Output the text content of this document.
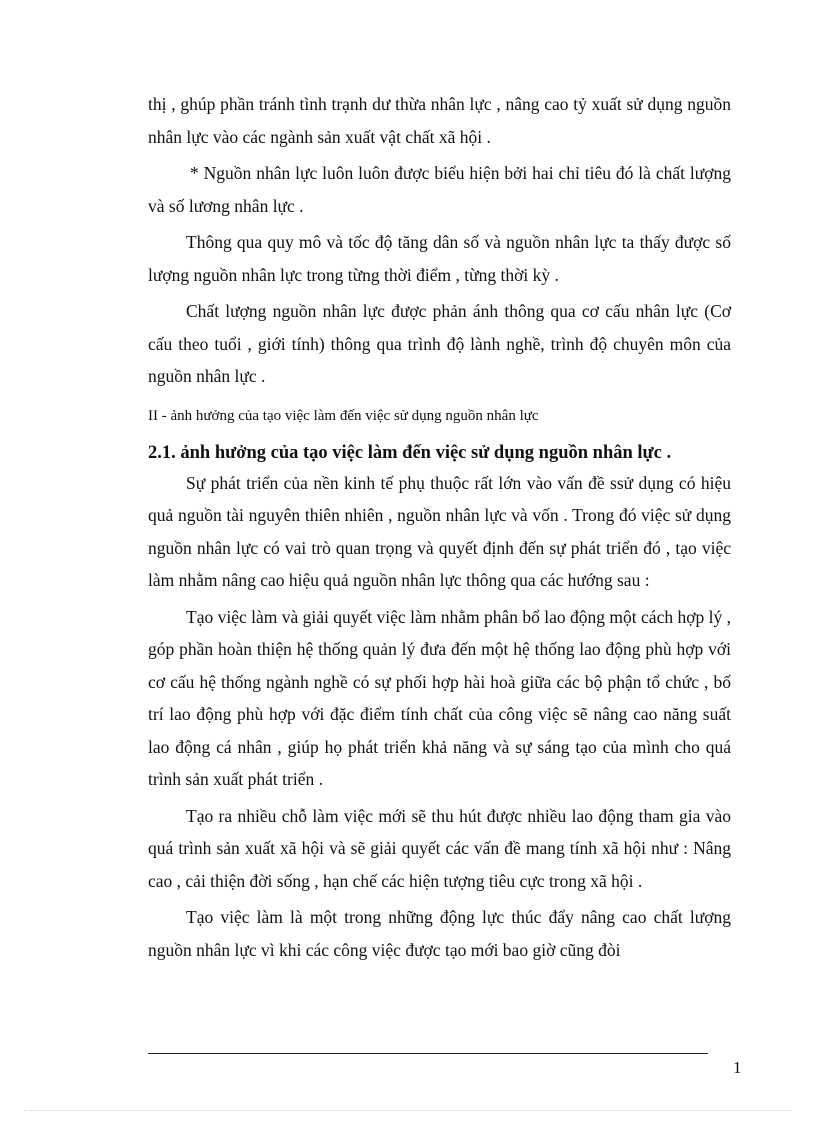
thị , ghúp phần tránh tình trạnh dư thừa nhân lực , nâng cao tỷ xuất sử dụng nguồn nhân lực vào các ngành sản xuất vật chất xã hội .

* Nguồn nhân lực luôn luôn được biểu hiện bởi hai chỉ tiêu đó là chất lượng và số lương nhân lực .

Thông qua quy mô và tốc độ tăng dân số và nguồn nhân lực ta thấy được số lượng nguồn nhân lực trong từng thời điểm , từng thời kỳ .

Chất lượng nguồn nhân lực được phản ánh thông qua cơ cấu nhân lực (Cơ cấu theo tuổi , giới tính) thông qua trình độ lành nghề, trình độ chuyên môn của nguồn nhân lực .

II - ảnh hưởng của tạo việc làm đến việc sử dụng nguồn nhân lực

2.1. ảnh hưởng của tạo việc làm đến việc sử dụng nguồn nhân lực .

Sự phát triển của nền kinh tế phụ thuộc rất lớn vào vấn đề ssử dụng có hiệu quả nguồn tài nguyên thiên nhiên , nguồn nhân lực và vốn . Trong đó việc sử dụng nguồn nhân lực có vai trò quan trọng và quyết định đến sự phát triển đó , tạo việc làm nhằm nâng cao hiệu quả nguồn nhân lực thông qua các hướng sau :

Tạo việc làm và giải quyết việc làm nhằm phân bổ lao động một cách hợp lý , góp phần hoàn thiện hệ thống quản lý đưa đến một hệ thống lao động phù hợp với cơ cấu hệ thống ngành nghề có sự phối hợp hài hoà giữa các bộ phận tổ chức , bố trí lao động phù hợp với đặc điểm tính chất của công việc sẽ nâng cao năng suất lao động cá nhân , giúp họ phát triển khả năng và sự sáng tạo của mình cho quá trình sản xuất phát triển .

Tạo ra nhiều chỗ làm việc mới sẽ thu hút được nhiều lao động tham gia vào quá trình sản xuất xã hội và sẽ giải quyết các vấn đề mang tính xã hội như : Nâng cao , cải thiện đời sống , hạn chế các hiện tượng tiêu cực trong xã hội .

Tạo việc làm là một trong những động lực thúc đẩy nâng cao chất lượng nguồn nhân lực vì khi các công việc được tạo mới bao giờ cũng đòi

1
